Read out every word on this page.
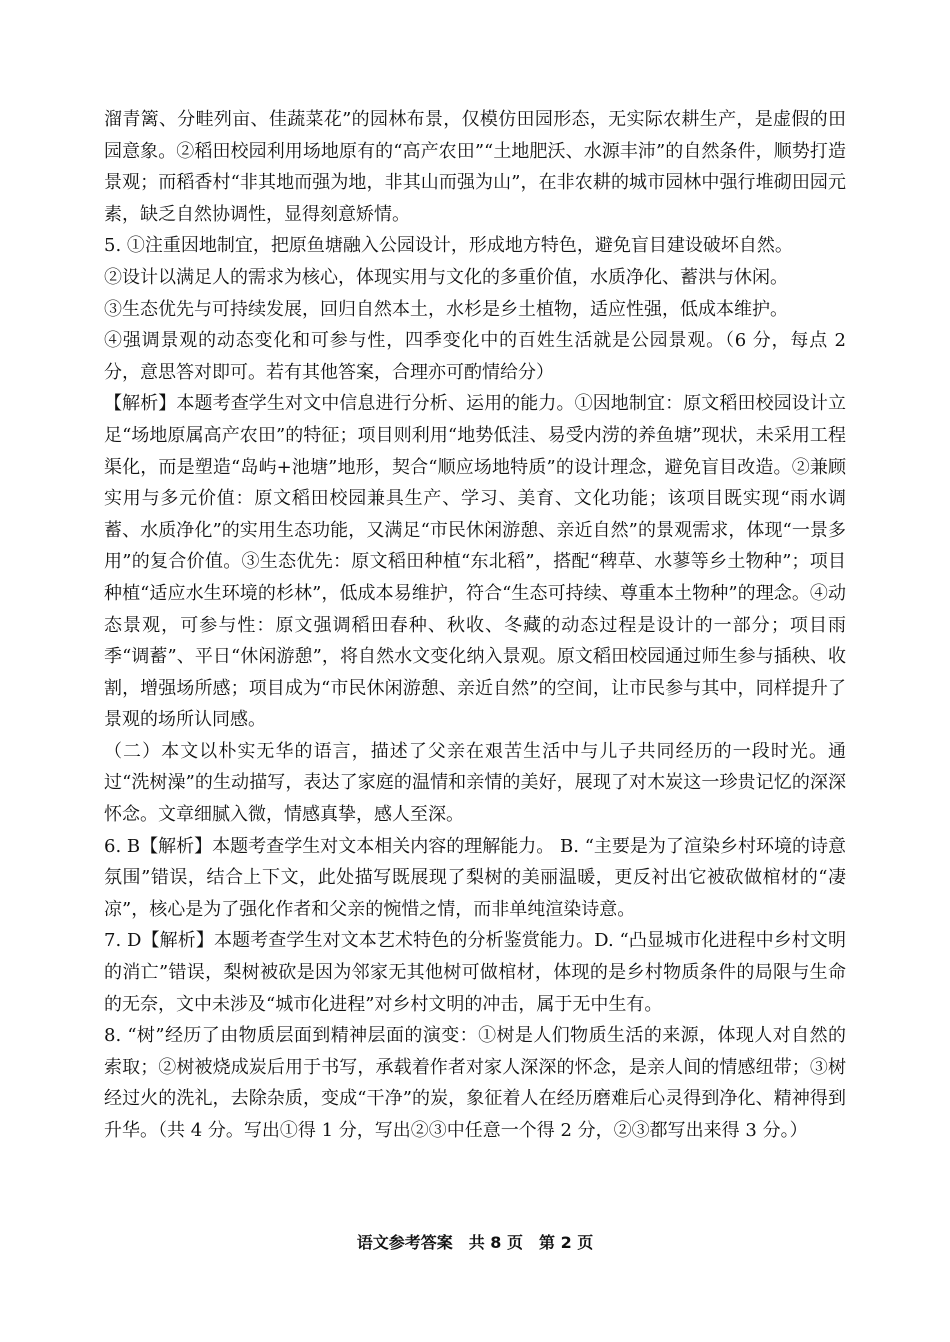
溜青篱、分畦列亩、佳蔬菜花”的园林布景，仅模仿田园形态，无实际农耕生产，是虚假的田园意象。②稻田校园利用场地原有的“高产农田”“土地肥沃、水源丰沛”的自然条件，顺势打造景观；而稻香村“非其地而强为地，非其山而强为山”，在非农耕的城市园林中强行堆砌田园元素，缺乏自然协调性，显得刻意矫情。

5. ①注重因地制宜，把原鱼塘融入公园设计，形成地方特色，避免盲目建设破坏自然。

②设计以满足人的需求为核心，体现实用与文化的多重价值，水质净化、蓄洪与休闲。

③生态优先与可持续发展，回归自然本土，水杉是乡土植物，适应性强，低成本维护。

④强调景观的动态变化和可参与性，四季变化中的百姓生活就是公园景观。（6 分，每点 2 分，意思答对即可。若有其他答案，合理亦可酌情给分）

【解析】本题考查学生对文中信息进行分析、运用的能力。①因地制宜：原文稻田校园设计立足“场地原属高产农田”的特征；项目则利用“地势低洼、易受内涝的养鱼塘”现状，未采用工程渠化，而是塑造“岛屿+池塘”地形，契合“顺应场地特质”的设计理念，避免盲目改造。②兼顾实用与多元价值：原文稻田校园兼具生产、学习、美育、文化功能；该项目既实现“雨水调蓄、水质净化”的实用生态功能，又满足“市民休闲游憩、亲近自然”的景观需求，体现“一景多用”的复合价值。③生态优先：原文稻田种植“东北稻”，搭配“稗草、水蓼等乡土物种”；项目种植“适应水生环境的杉林”，低成本易维护，符合“生态可持续、尊重本土物种”的理念。④动态景观，可参与性：原文强调稻田春种、秋收、冬藏的动态过程是设计的一部分；项目雨季“调蓄”、平日“休闲游憩”，将自然水文变化纳入景观。原文稻田校园通过师生参与插秧、收割，增强场所感；项目成为“市民休闲游憩、亲近自然”的空间，让市民参与其中，同样提升了景观的场所认同感。

（二）本文以朴实无华的语言，描述了父亲在艰苦生活中与儿子共同经历的一段时光。通过“洗树澡”的生动描写，表达了家庭的温情和亲情的美好，展现了对木炭这一珍贵记忆的深深怀念。文章细腻入微，情感真挚，感人至深。

6. B【解析】本题考查学生对文本相关内容的理解能力。 B. “主要是为了渲染乡村环境的诗意氛围”错误，结合上下文，此处描写既展现了梨树的美丽温暖，更反衬出它被砍做棺材的“凄凉”，核心是为了强化作者和父亲的惋惜之情，而非单纯渲染诗意。

7. D【解析】本题考查学生对文本艺术特色的分析鉴赏能力。D. “凸显城市化进程中乡村文明的消亡”错误，梨树被砍是因为邻家无其他树可做棺材，体现的是乡村物质条件的局限与生命的无奈，文中未涉及“城市化进程”对乡村文明的冲击，属于无中生有。

8. “树”经历了由物质层面到精神层面的演变：①树是人们物质生活的来源，体现人对自然的索取；②树被烧成炭后用于书写，承载着作者对家人深深的怀念，是亲人间的情感纽带；③树经过火的洗礼，去除杂质，变成“干净”的炭，象征着人在经历磨难后心灵得到净化、精神得到升华。（共 4 分。写出①得 1 分，写出②③中任意一个得 2 分，②③都写出来得 3 分。）

语文参考答案　共 8 页　第 2 页
